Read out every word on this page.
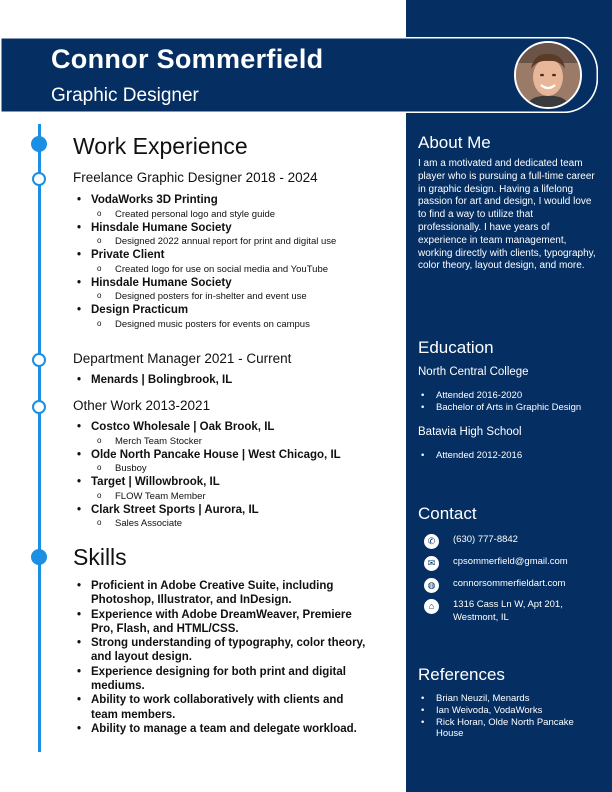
Connor Sommerfield
Graphic Designer
Work Experience
Freelance Graphic Designer 2018 - 2024
• VodaWorks 3D Printing
o Created personal logo and style guide
• Hinsdale Humane Society
o Designed 2022 annual report for print and digital use
• Private Client
o Created logo for use on social media and YouTube
• Hinsdale Humane Society
o Designed posters for in-shelter and event use
• Design Practicum
o Designed music posters for events on campus
Department Manager 2021 - Current
• Menards | Bolingbrook, IL
Other Work 2013-2021
• Costco Wholesale | Oak Brook, IL
o Merch Team Stocker
• Olde North Pancake House | West Chicago, IL
o Busboy
• Target | Willowbrook, IL
o FLOW Team Member
• Clark Street Sports | Aurora, IL
o Sales Associate
Skills
• Proficient in Adobe Creative Suite, including Photoshop, Illustrator, and InDesign.
• Experience with Adobe DreamWeaver, Premiere Pro, Flash, and HTML/CSS.
• Strong understanding of typography, color theory, and layout design.
• Experience designing for both print and digital mediums.
• Ability to work collaboratively with clients and team members.
• Ability to manage a team and delegate workload.
About Me
I am a motivated and dedicated team player who is pursuing a full-time career in graphic design. Having a lifelong passion for art and design, I would love to find a way to utilize that professionally. I have years of experience in team management, working directly with clients, typography, color theory, layout design, and more.
Education
North Central College
• Attended 2016-2020
• Bachelor of Arts in Graphic Design
Batavia High School
• Attended 2012-2016
Contact
✆	(630) 777-8842
✉	cpsommerfield@gmail.com
◍	connorsommerfieldart.com
⌂	1316 Cass Ln W, Apt 201, Westmont, IL
References
• Brian Neuzil, Menards
• Ian Weivoda, VodaWorks
• Rick Horan, Olde North Pancake House
